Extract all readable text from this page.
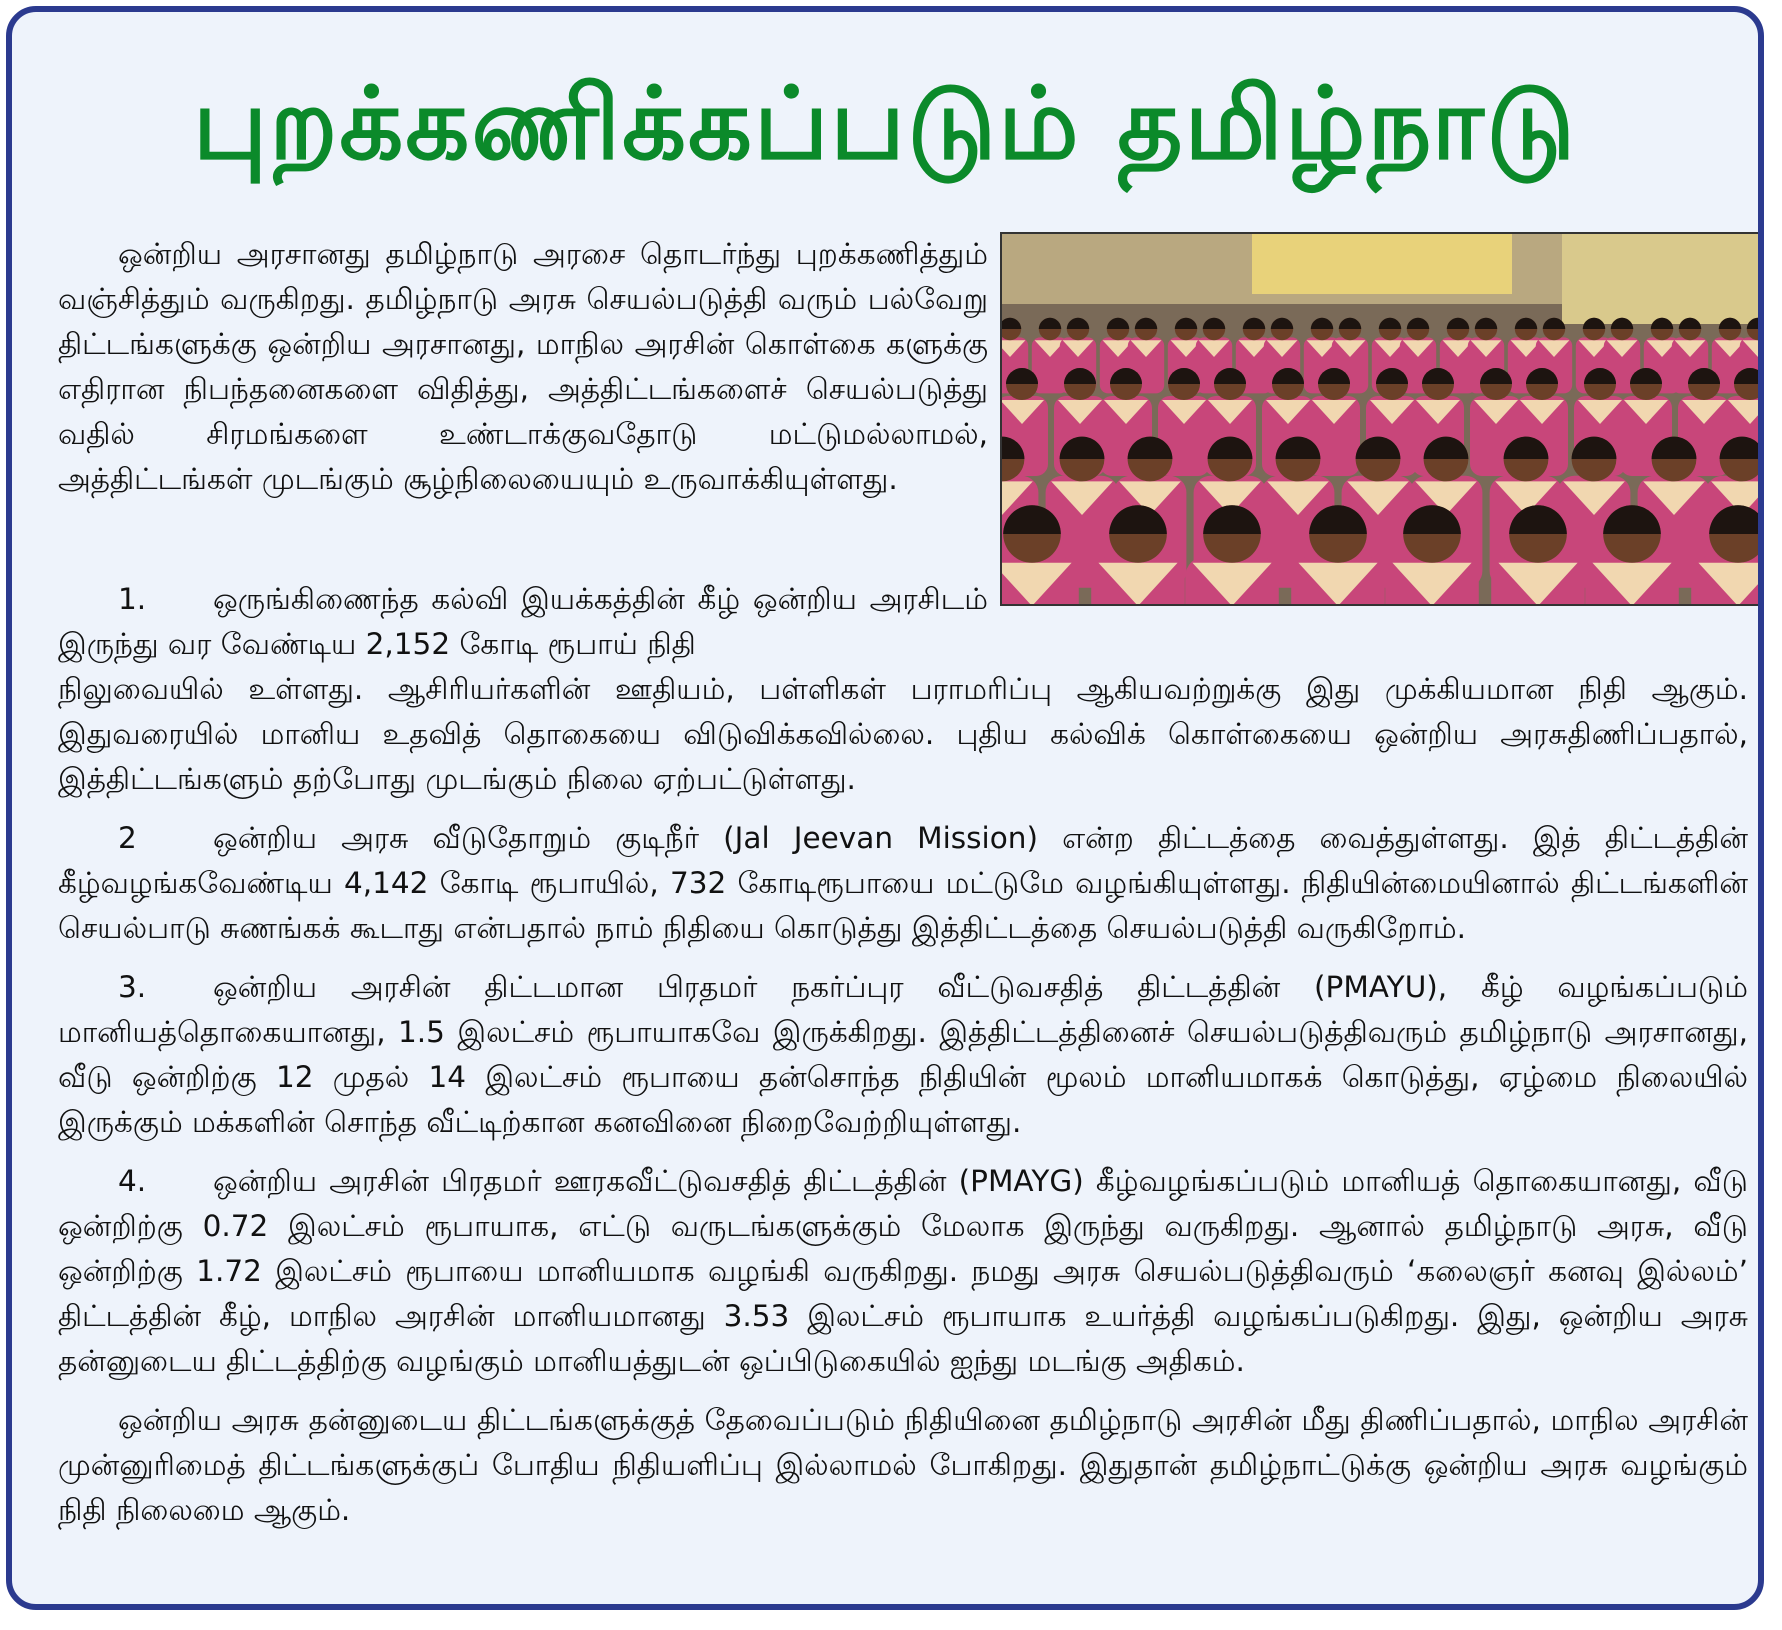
புறக்கணிக்கப்படும் தமிழ்நாடு

ஒன்றிய அரசானது தமிழ்நாடு அரசை தொடர்ந்து புறக்கணித்தும் வஞ்சித்தும் வருகிறது. தமிழ்நாடு அரசு செயல்படுத்தி வரும் பல்வேறு திட்டங்களுக்கு ஒன்றிய அரசானது, மாநில அரசின் கொள்கை களுக்கு எதிரான நிபந்தனைகளை விதித்து, அத்திட்டங்களைச் செயல்படுத்து வதில் சிரமங்களை உண்டாக்குவதோடு மட்டுமல்லாமல், அத்திட்டங்கள் முடங்கும் சூழ்நிலையையும் உருவாக்கியுள்ளது.

1. ஒருங்கிணைந்த கல்வி இயக்கத்தின் கீழ் ஒன்றிய அரசிடம் இருந்து வர வேண்டிய 2,152 கோடி ரூபாய் நிதி

நிலுவையில் உள்ளது. ஆசிரியர்களின் ஊதியம், பள்ளிகள் பராமரிப்பு ஆகியவற்றுக்கு இது முக்கியமான நிதி ஆகும். இதுவரையில் மானிய உதவித் தொகையை விடுவிக்கவில்லை. புதிய கல்விக் கொள்கையை ஒன்றிய அரசுதிணிப்பதால், இத்திட்டங்களும் தற்போது முடங்கும் நிலை ஏற்பட்டுள்ளது.

2	ஒன்றிய அரசு வீடுதோறும் குடிநீர் (Jal Jeevan Mission) என்ற திட்டத்தை வைத்துள்ளது. இத் திட்டத்தின் கீழ்வழங்கவேண்டிய 4,142 கோடி ரூபாயில், 732 கோடிரூபாயை மட்டுமே வழங்கியுள்ளது. நிதியின்மையினால் திட்டங்களின் செயல்பாடு சுணங்கக் கூடாது என்பதால் நாம் நிதியை கொடுத்து இத்திட்டத்தை செயல்படுத்தி வருகிறோம்.

3. ஒன்றிய அரசின் திட்டமான பிரதமர் நகர்ப்புர வீட்டுவசதித் திட்டத்தின் (PMAYU), கீழ் வழங்கப்படும் மானியத்தொகையானது, 1.5 இலட்சம் ரூபாயாகவே இருக்கிறது. இத்திட்டத்தினைச் செயல்படுத்திவரும் தமிழ்நாடு அரசானது, வீடு ஒன்றிற்கு 12 முதல் 14 இலட்சம் ரூபாயை தன்சொந்த நிதியின் மூலம் மானியமாகக் கொடுத்து, ஏழ்மை நிலையில் இருக்கும் மக்களின் சொந்த வீட்டிற்கான கனவினை நிறைவேற்றியுள்ளது.

4. ஒன்றிய அரசின் பிரதமர் ஊரகவீட்டுவசதித் திட்டத்தின் (PMAYG) கீழ்வழங்கப்படும் மானியத் தொகையானது, வீடு ஒன்றிற்கு 0.72 இலட்சம் ரூபாயாக, எட்டு வருடங்களுக்கும் மேலாக இருந்து வருகிறது. ஆனால் தமிழ்நாடு அரசு, வீடு ஒன்றிற்கு 1.72 இலட்சம் ரூபாயை மானியமாக வழங்கி வருகிறது. நமது அரசு செயல்படுத்திவரும் ‘கலைஞர் கனவு இல்லம்’ திட்டத்தின் கீழ், மாநில அரசின் மானியமானது 3.53 இலட்சம் ரூபாயாக உயர்த்தி வழங்கப்படுகிறது. இது, ஒன்றிய அரசு தன்னுடைய திட்டத்திற்கு வழங்கும் மானியத்துடன் ஒப்பிடுகையில் ஐந்து மடங்கு அதிகம்.

ஒன்றிய அரசு தன்னுடைய திட்டங்களுக்குத் தேவைப்படும் நிதியினை தமிழ்நாடு அரசின் மீது திணிப்பதால், மாநில அரசின் முன்னுரிமைத் திட்டங்களுக்குப் போதிய நிதியளிப்பு இல்லாமல் போகிறது. இதுதான் தமிழ்நாட்டுக்கு ஒன்றிய அரசு வழங்கும் நிதி நிலைமை ஆகும்.
